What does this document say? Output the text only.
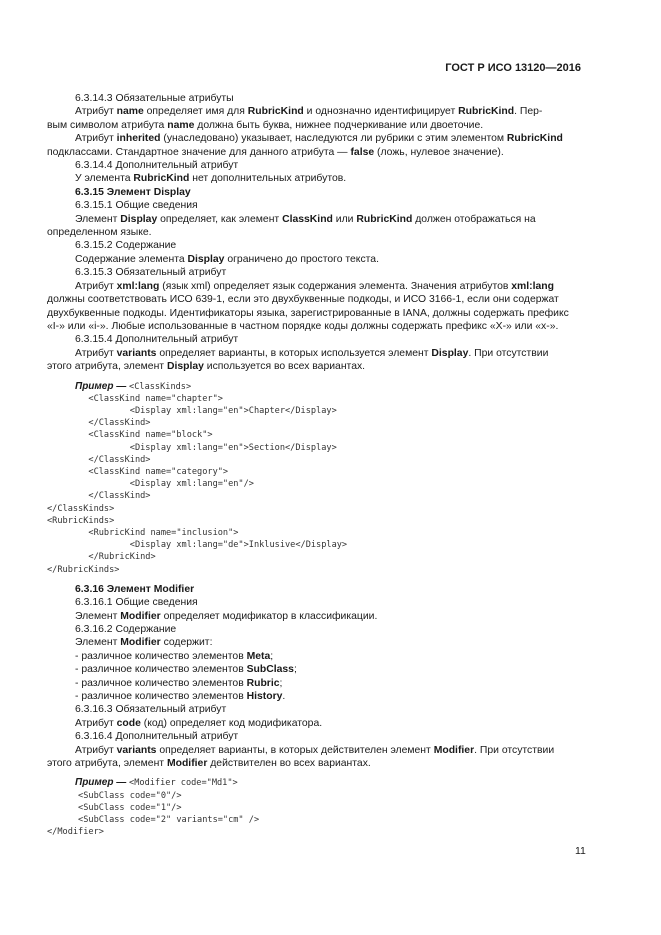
ГОСТ Р ИСО 13120—2016
6.3.14.3 Обязательные атрибуты
Атрибут name определяет имя для RubricKind и однозначно идентифицирует RubricKind. Пер-
вым символом атрибута name должна быть буква, нижнее подчеркивание или двоеточие.
Атрибут inherited (унаследовано) указывает, наследуются ли рубрики с этим элементом RubricKind
подклассами. Стандартное значение для данного атрибута — false (ложь, нулевое значение).
6.3.14.4 Дополнительный атрибут
У элемента RubricKind нет дополнительных атрибутов.
6.3.15 Элемент Display
6.3.15.1 Общие сведения
Элемент Display определяет, как элемент ClassKind или RubricKind должен отображаться на
определенном языке.
6.3.15.2 Содержание
Содержание элемента Display ограничено до простого текста.
6.3.15.3 Обязательный атрибут
Атрибут xml:lang (язык xml) определяет язык содержания элемента. Значения атрибутов xml:lang
должны соответствовать ИСО 639-1, если это двухбуквенные подкоды, и ИСО 3166-1, если они содержат
двухбуквенные подкоды. Идентификаторы языка, зарегистрированные в IANA, должны содержать префикс
«I-» или «i-». Любые использованные в частном порядке коды должны содержать префикс «X-» или «x-».
6.3.15.4 Дополнительный атрибут
Атрибут variants определяет варианты, в которых используется элемент Display. При отсутствии
этого атрибута, элемент Display используется во всех вариантах.
Пример — <ClassKinds>
<ClassKind name="chapter">
<Display xml:lang="en">Chapter</Display>
</ClassKind>
<ClassKind name="block">
<Display xml:lang="en">Section</Display>
</ClassKind>
<ClassKind name="category">
<Display xml:lang="en"/>
</ClassKind>
</ClassKinds>
<RubricKinds>
<RubricKind name="inclusion">
<Display xml:lang="de">Inklusive</Display>
</RubricKind>
</RubricKinds>
6.3.16 Элемент Modifier
6.3.16.1 Общие сведения
Элемент Modifier определяет модификатор в классификации.
6.3.16.2 Содержание
Элемент Modifier содержит:
- различное количество элементов Meta;
- различное количество элементов SubClass;
- различное количество элементов Rubric;
- различное количество элементов History.
6.3.16.3 Обязательный атрибут
Атрибут code (код) определяет код модификатора.
6.3.16.4 Дополнительный атрибут
Атрибут variants определяет варианты, в которых действителен элемент Modifier. При отсутствии
этого атрибута, элемент Modifier действителен во всех вариантах.
Пример — <Modifier code="Md1">
<SubClass code="0"/>
<SubClass code="1"/>
<SubClass code="2" variants="cm" />
</Modifier>
11
